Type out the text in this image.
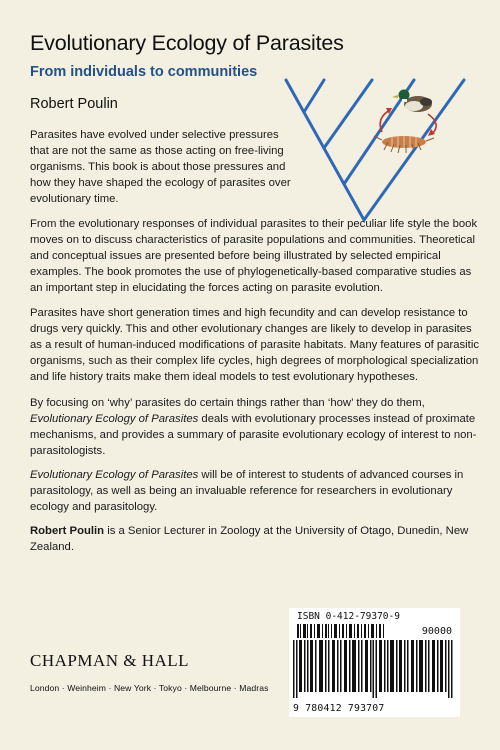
Evolutionary Ecology of Parasites
From individuals to communities
Robert Poulin

Parasites have evolved under selective pressures that are not the same as those acting on free-living organisms. This book is about those pressures and how they have shaped the ecology of parasites over evolutionary time.

From the evolutionary responses of individual parasites to their peculiar life style the book moves on to discuss characteristics of parasite populations and communities. Theoretical and conceptual issues are presented before being illustrated by selected empirical examples. The book promotes the use of phylogenetically-based comparative studies as an important step in elucidating the forces acting on parasite evolution.

Parasites have short generation times and high fecundity and can develop resistance to drugs very quickly. This and other evolutionary changes are likely to develop in parasites as a result of human-induced modifications of parasite habitats. Many features of parasitic organisms, such as their complex life cycles, high degrees of morphological specialization and life history traits make them ideal models to test evolutionary hypotheses.

By focusing on ‘why’ parasites do certain things rather than ‘how’ they do them, Evolutionary Ecology of Parasites deals with evolutionary processes instead of proximate mechanisms, and provides a summary of parasite evolutionary ecology of interest to non-parasitologists.

Evolutionary Ecology of Parasites will be of interest to students of advanced courses in parasitology, as well as being an invaluable reference for researchers in evolutionary ecology and parasitology.

Robert Poulin is a Senior Lecturer in Zoology at the University of Otago, Dunedin, New Zealand.

CHAPMAN & HALL
London · Weinheim · New York · Tokyo · Melbourne · Madras
ISBN 0-412-79370-9
90000
9 780412 793707
